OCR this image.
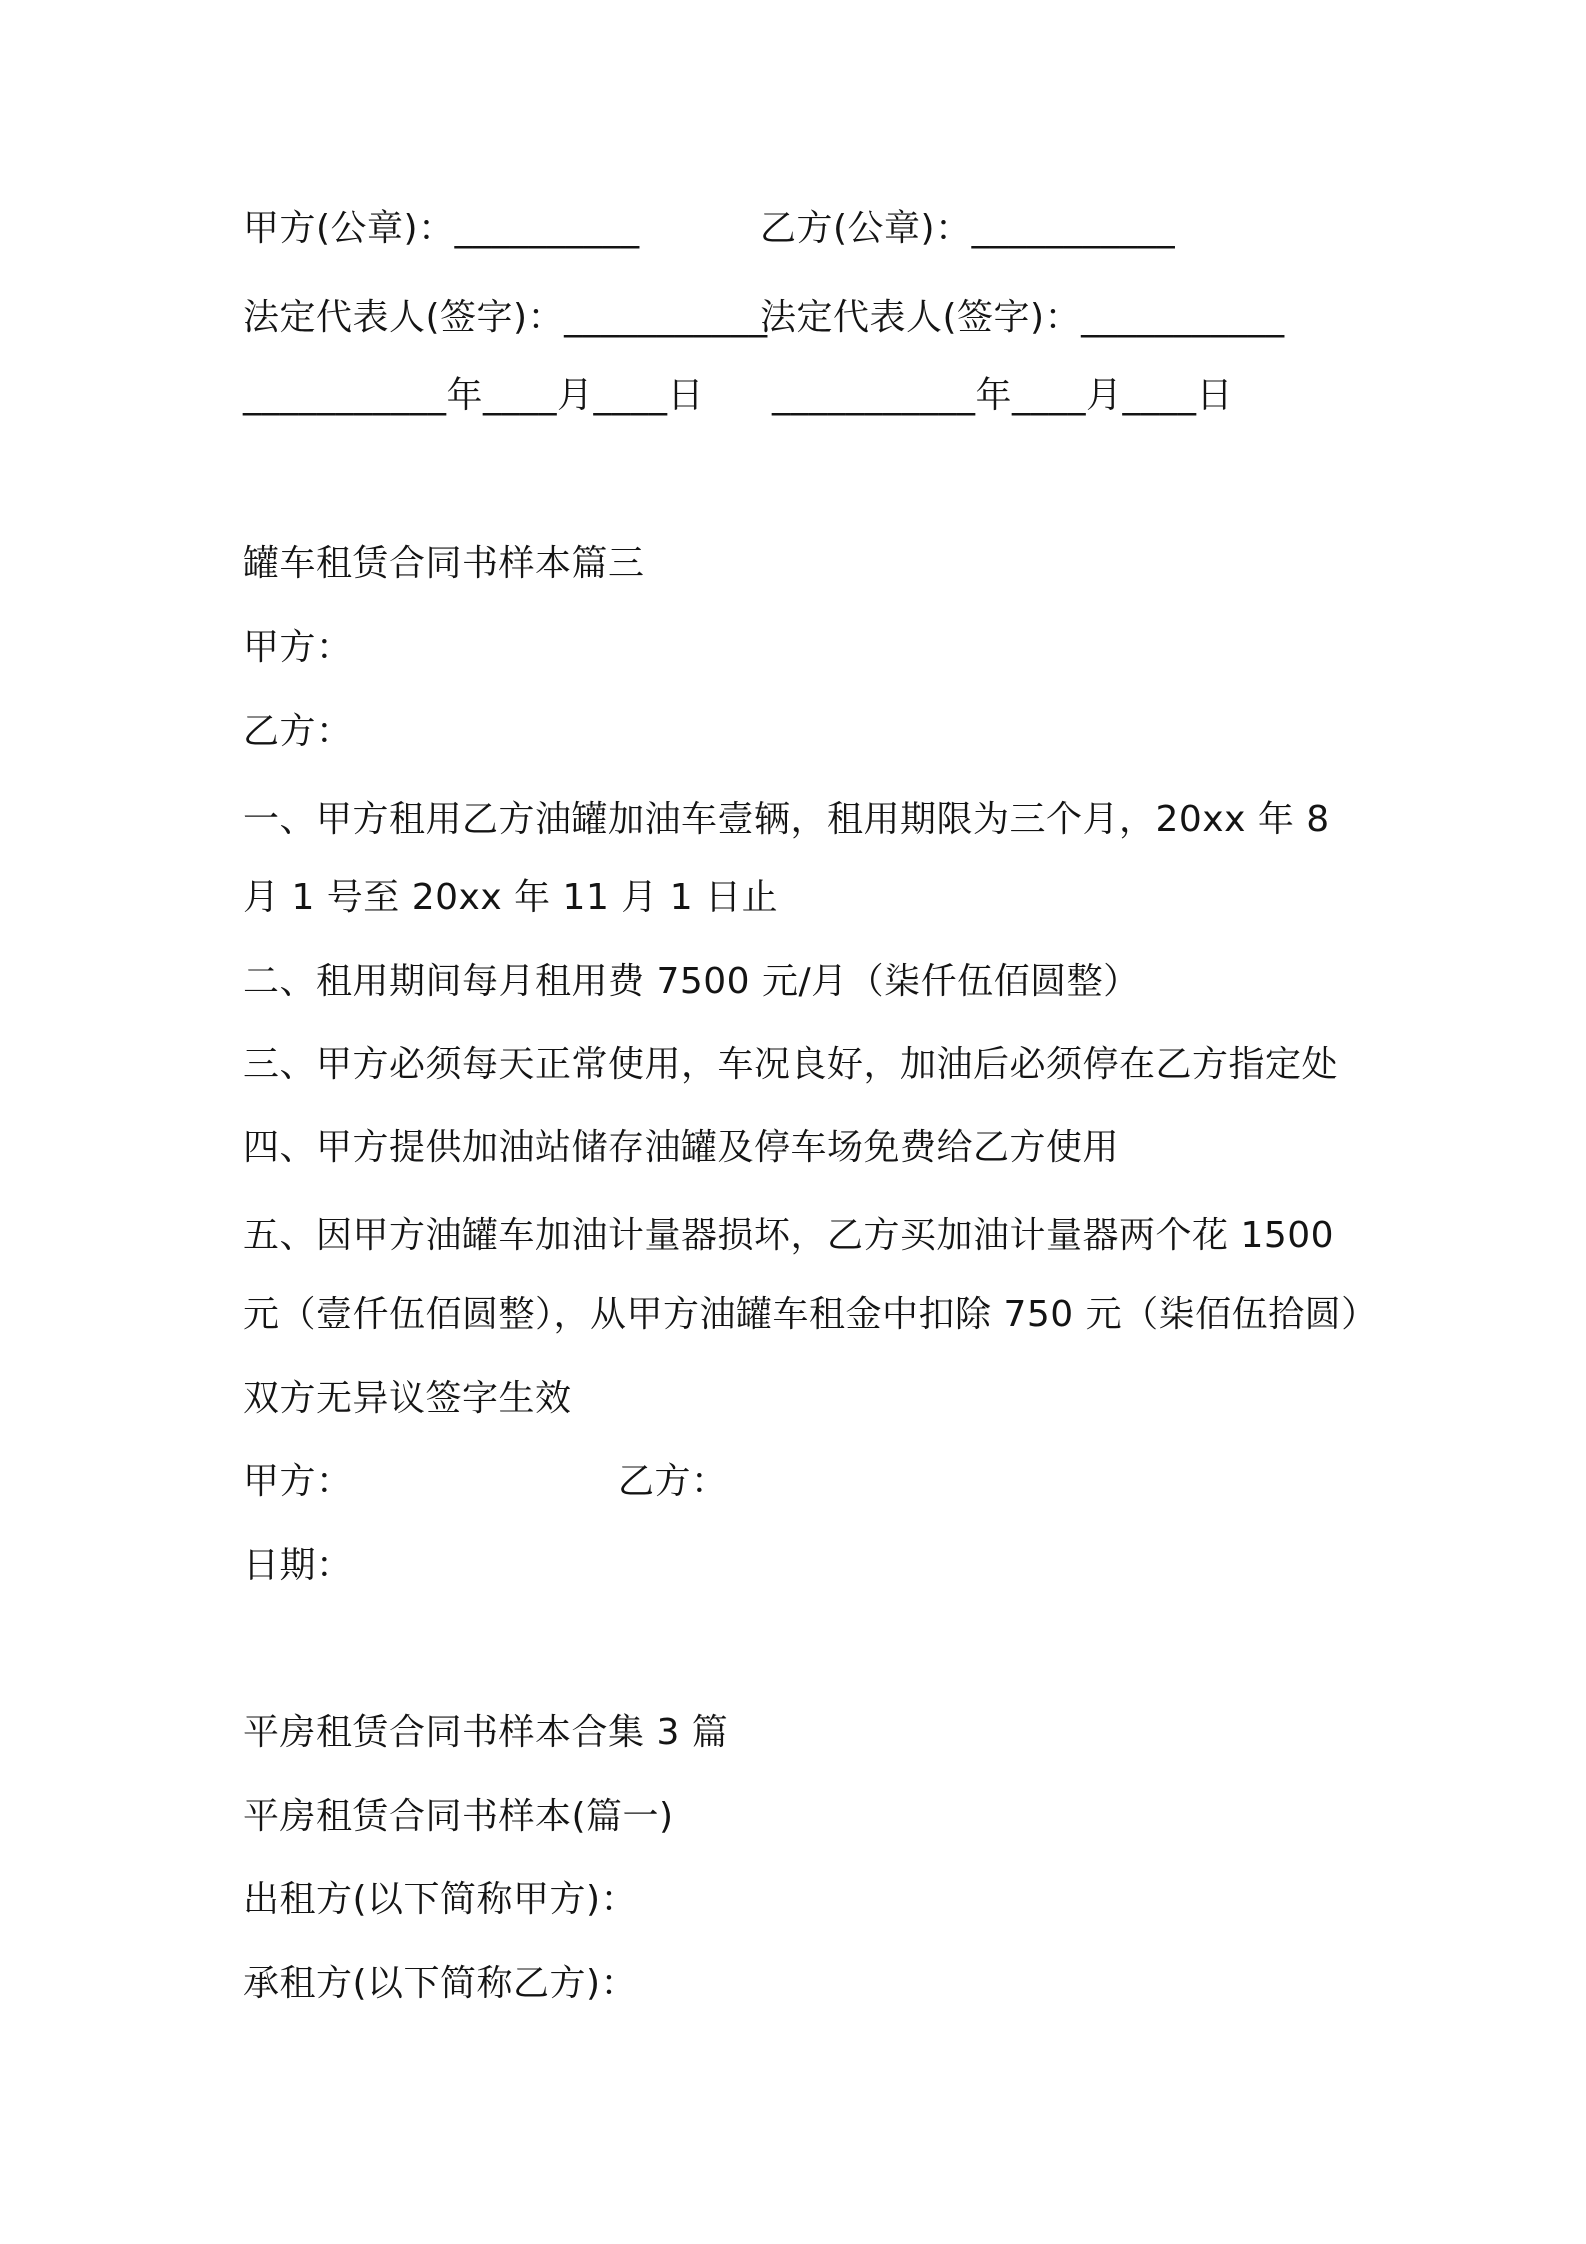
甲方(公章)：__________	乙方(公章)：___________
法定代表人(签字)：___________
法定代表人(签字)：___________
___________年____月____日 ___________年____月____日
罐车租赁合同书样本篇三
甲方：
乙方：
一、甲方租用乙方油罐加油车壹辆，租用期限为三个月，20xx 年 8
月 1 号至 20xx 年 11 月 1 日止
二、租用期间每月租用费 7500 元/月（柒仟伍佰圆整）
三、甲方必须每天正常使用，车况良好，加油后必须停在乙方指定处
四、甲方提供加油站储存油罐及停车场免费给乙方使用
五、因甲方油罐车加油计量器损坏，乙方买加油计量器两个花 1500
元（壹仟伍佰圆整），从甲方油罐车租金中扣除 750 元（柒佰伍拾圆）
双方无异议签字生效
甲方：	乙方：
日期：
平房租赁合同书样本合集 3 篇
平房租赁合同书样本(篇一)
出租方(以下简称甲方)：
承租方(以下简称乙方)：
